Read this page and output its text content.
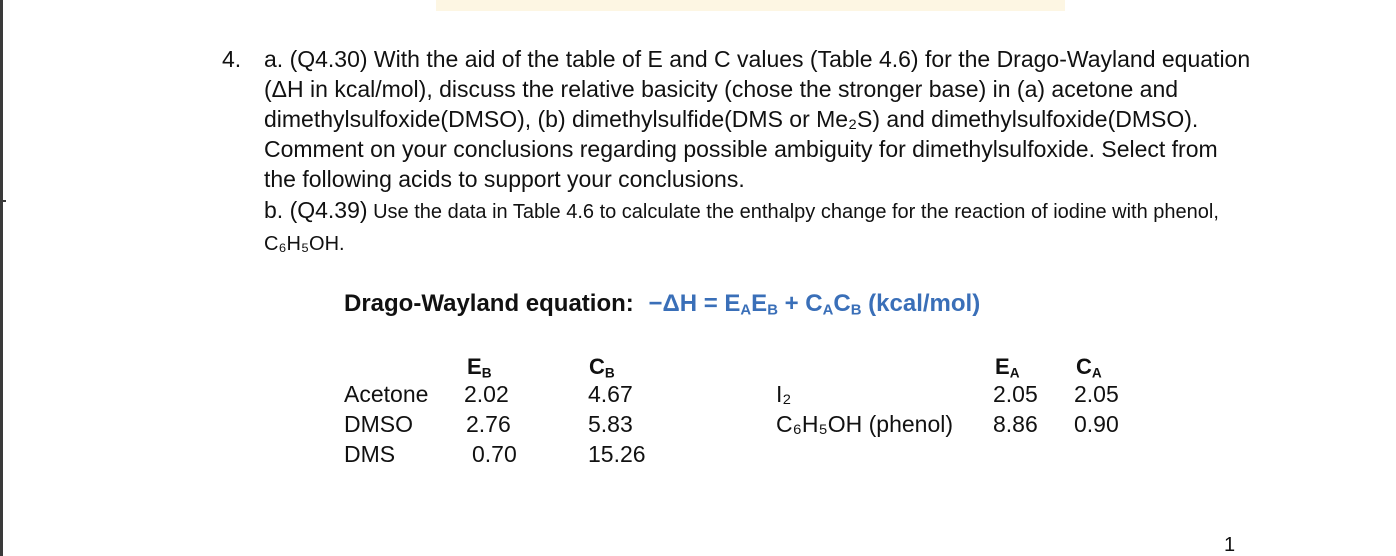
4. a. (Q4.30) With the aid of the table of E and C values (Table 4.6) for the Drago-Wayland equation (ΔH in kcal/mol), discuss the relative basicity (chose the stronger base) in (a) acetone and dimethylsulfoxide(DMSO), (b) dimethylsulfide(DMS or Me₂S) and dimethylsulfoxide(DMSO). Comment on your conclusions regarding possible ambiguity for dimethylsulfoxide. Select from the following acids to support your conclusions.

b. (Q4.39) Use the data in Table 4.6 to calculate the enthalpy change for the reaction of iodine with phenol, C₆H₅OH.

Drago-Wayland equation: $-\Delta H = E_AE_B + C_AC_B$ (kcal/mol)
$E_B$	$C_B$
Acetone 2.02	4.67
DMSO 2.76	5.83
DMS	0.70	15.26
$E_A$	$C_A$
I₂	2.05 2.05
C₆H₅OH (phenol) 8.86 0.90
1
